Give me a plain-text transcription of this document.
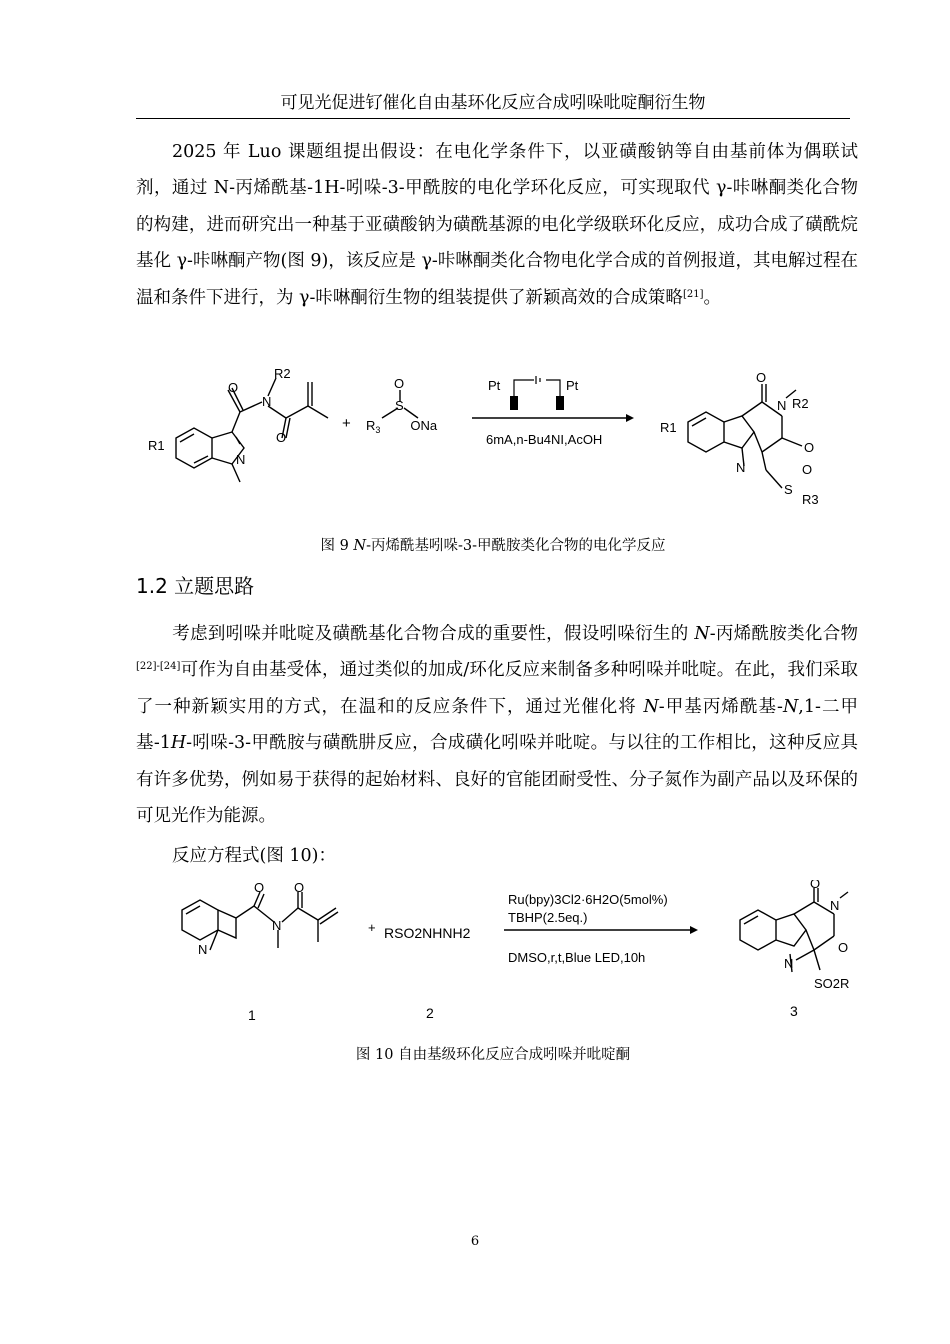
可见光促进钌催化自由基环化反应合成吲哚吡啶酮衍生物

2025 年 Luo 课题组提出假设：在电化学条件下，以亚磺酸钠等自由基前体为偶联试剂，通过 N-丙烯酰基-1H-吲哚-3-甲酰胺的电化学环化反应，可实现取代 γ-咔啉酮类化合物的构建，进而研究出一种基于亚磺酸钠为磺酰基源的电化学级联环化反应，成功合成了磺酰烷基化 γ-咔啉酮产物(图 9)，该反应是 γ-咔啉酮类化合物电化学合成的首例报道，其电解过程在温和条件下进行，为 γ-咔啉酮衍生物的组装提供了新颖高效的合成策略[21]。

O
N
R2
O
N
R1
+
O
S
$R_3$ ONa
Pt	Pt
6mA,n-Bu4NI,AcOH
O
N R2
O
N
R1
S
O
R3
图 9 N-丙烯酰基吲哚-3-甲酰胺类化合物的电化学反应
1.2 立题思路

考虑到吲哚并吡啶及磺酰基化合物合成的重要性，假设吲哚衍生的 N-丙烯酰胺类化合物[22]-[24]可作为自由基受体，通过类似的加成/环化反应来制备多种吲哚并吡啶。在此，我们采取了一种新颖实用的方式，在温和的反应条件下，通过光催化将 N-甲基丙烯酰基-N,1-二甲基-1H-吲哚-3-甲酰胺与磺酰肼反应，合成磺化吲哚并吡啶。与以往的工作相比，这种反应具有许多优势，例如易于获得的起始材料、良好的官能团耐受性、分子氮作为副产品以及环保的可见光作为能源。

反应方程式(图 10)：

O O
N
N
+ RSO2NHNH2
Ru(bpy)3Cl2·6H2O(5mol%)
TBHP(2.5eq.)
DMSO,r,t,Blue LED,10h
O
N
O
N
SO2R
1	2	3
图 10 自由基级环化反应合成吲哚并吡啶酮
6
